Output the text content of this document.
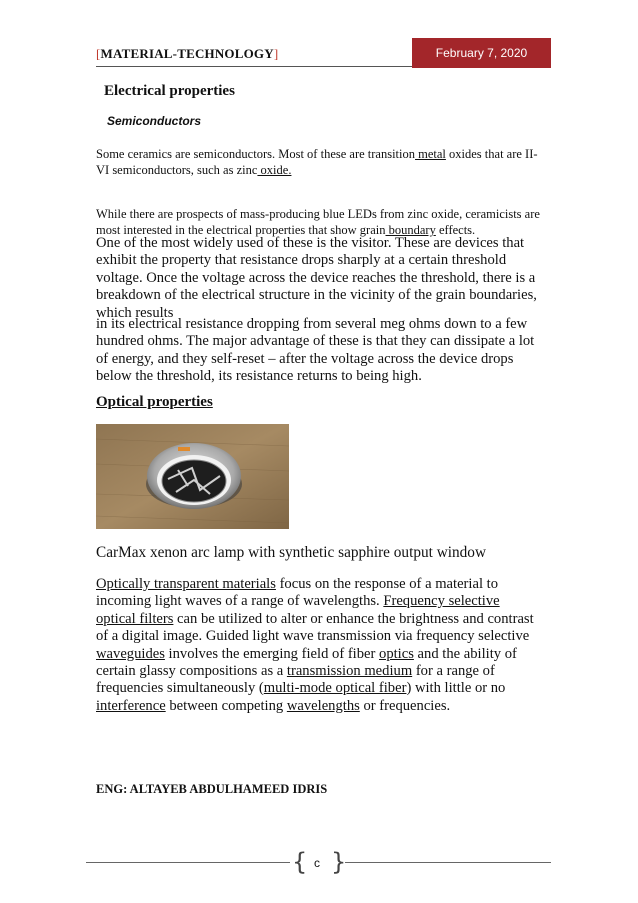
[MATERIAL-TECHNOLOGY]	February 7, 2020
Electrical properties
Semiconductors
Some ceramics are semiconductors. Most of these are transition metal oxides that are II-VI semiconductors, such as zinc oxide.
While there are prospects of mass-producing blue LEDs from zinc oxide, ceramicists are most interested in the electrical properties that show grain boundary effects.
One of the most widely used of these is the visitor. These are devices that exhibit the property that resistance drops sharply at a certain threshold voltage. Once the voltage across the device reaches the threshold, there is a breakdown of the electrical structure in the vicinity of the grain boundaries, which results
in its electrical resistance dropping from several meg ohms down to a few hundred ohms. The major advantage of these is that they can dissipate a lot of energy, and they self-reset – after the voltage across the device drops below the threshold, its resistance returns to being high.
Optical properties
CarMax xenon arc lamp with synthetic sapphire output window
Optically transparent materials focus on the response of a material to incoming light waves of a range of wavelengths. Frequency selective optical filters can be utilized to alter or enhance the brightness and contrast of a digital image. Guided light wave transmission via frequency selective waveguides involves the emerging field of fiber optics and the ability of certain glassy compositions as a transmission medium for a range of frequencies simultaneously (multi-mode optical fiber) with little or no interference between competing wavelengths or frequencies.
ENG: ALTAYEB ABDULHAMEED IDRIS
{ }
c
